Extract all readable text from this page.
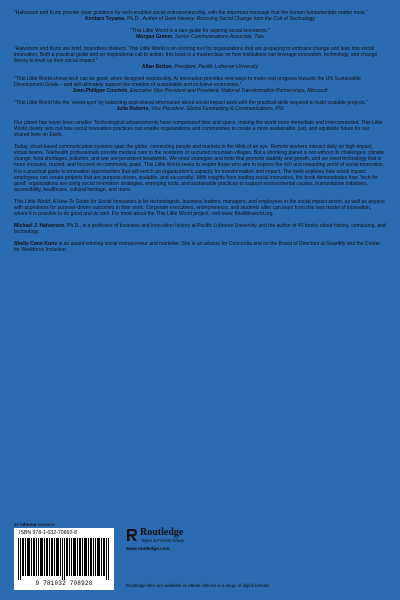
“Halvorson and Kurtz provide clear guidance for tech-enabled social entrepreneurship, with the important message that the human fundamentals matter most.”
Kentaro Toyama, Ph.D., Author of Geek Heresy: Rescuing Social Change from the Cult of Technology
“This Little World is a rare guide for aspiring social innovators.”
Morgan Grimm, Senior Communications Associate, Tala
“Halvorson and Kurtz are bold, boundless thinkers. This Little World is an exciting tool for organizations that are preparing to embrace change and lean into social innovation. Both a practical guide and an inspirational call to action, this book is a masterclass on how institutions can leverage innovation, technology, and change theory to level up their social impact.”
Allan Belton, President, Pacific Lutheran University
“This Little World shows tech can be good, when designed responsibly. AI innovation provides new ways to make real progress towards the UN Sustainable Development Goals – and will ultimately support the creation of sustainable and inclusive economies.”
Jean-Philippe Courtois, Executive Vice President and President, National Transformation Partnerships, Microsoft
“This Little World hits the ‘sweet spot’ by balancing aspirational information about social impact work with the practical skills required to build scalable projects.”
Julia Roberts, Vice President, Global Fundraising & Communications, PSI

Our planet has never been smaller. Technological advancements have compressed time and space, making the world more immediate and interconnected. This Little World clearly sets out how social innovation practices can enable organizations and communities to create a more sustainable, just, and equitable future for our shared lives on Earth.

Today, cloud-based communication systems span the globe, connecting people and markets in the blink of an eye. Remote workers interact daily on high-impact, virtual teams. Telehealth professionals provide medical care to the residents of secluded mountain villages. But a shrinking planet is not without its challenges: climate change, food shortages, pollution, and war are persistent headwinds. We need strategies and tools that promote stability and growth, and we need technology that is more inclusive, trusted, and focused on community goals. This Little World seeks to inspire those who aim to explore the rich and rewarding world of social innovation. It is a practical guide to innovation opportunities that will enrich an organization’s capacity for transformation and impact. The book explores how social impact employees can create projects that are purpose-driven, scalable, and successful. With insights from leading social innovators, the book demonstrates how “tech for good” organizations are using social innovation strategies, emerging tools, and sustainable practices to support environmental causes, humanitarian initiatives, accessibility, healthcare, cultural heritage, and more.

This Little World: A How-To Guide for Social Innovators is for technologists, business leaders, managers, and employees in the social impact sector, as well as anyone with aspirations for purpose-driven outcomes in their work. Corporate executives, entrepreneurs, and students alike can learn from this new model of innovation, where it is possible to do good and do well. For more about the This Little World project, visit www. thislittleworld.org.

Michael J. Halvorson, Ph.D., is a professor of business and innovation history at Pacific Lutheran University and the author of 40 books about history, computing, and technology.

Shelly Cano Kurtz is an award-winning social entrepreneur and marketer. She is an advisor for Concordia and on the Board of Directors at Guardify and the Center for Workforce Inclusion.

an informa business
ISBN 978-1-032-70892-8
9 781032 708928
Routledge
Taylor & Francis Group
www.routledge.com
Routledge titles are available as eBook editions in a range of digital formats
